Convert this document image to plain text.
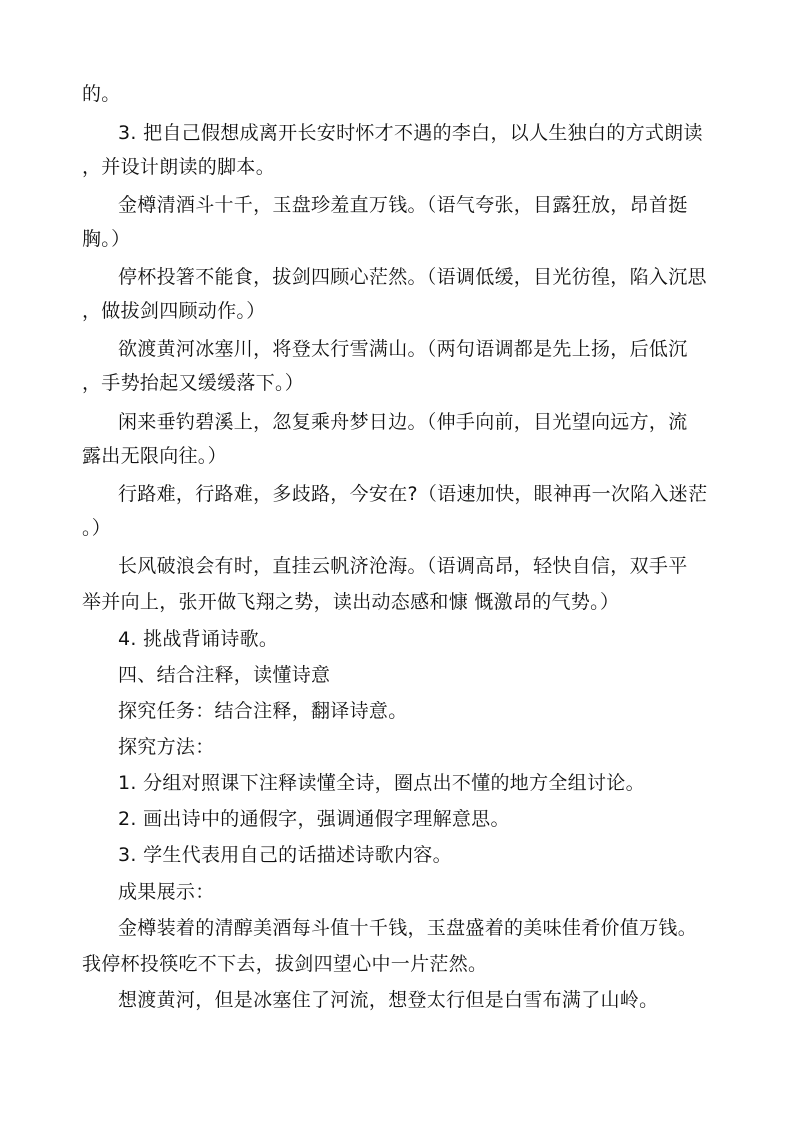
的。
3. 把自己假想成离开长安时怀才不遇的李白，以人生独白的方式朗读
，并设计朗读的脚本。
金樽清酒斗十千，玉盘珍羞直万钱。（语气夸张，目露狂放，昂首挺
胸。）
停杯投箸不能食，拔剑四顾心茫然。（语调低缓，目光彷徨，陷入沉思
，做拔剑四顾动作。）
欲渡黄河冰塞川，将登太行雪满山。（两句语调都是先上扬，后低沉
，手势抬起又缓缓落下。）
闲来垂钓碧溪上，忽复乘舟梦日边。（伸手向前，目光望向远方，流
露出无限向往。）
行路难，行路难，多歧路，今安在?（语速加快，眼神再一次陷入迷茫
。）
长风破浪会有时，直挂云帆济沧海。（语调高昂，轻快自信，双手平
举并向上，张开做飞翔之势，读出动态感和慷 慨激昂的气势。）
4. 挑战背诵诗歌。
四、结合注释，读懂诗意
探究任务：结合注释，翻译诗意。
探究方法：
1. 分组对照课下注释读懂全诗，圈点出不懂的地方全组讨论。
2. 画出诗中的通假字，强调通假字理解意思。
3. 学生代表用自己的话描述诗歌内容。
成果展示：
金樽装着的清醇美酒每斗值十千钱，玉盘盛着的美味佳肴价值万钱。
我停杯投筷吃不下去，拔剑四望心中一片茫然。
想渡黄河，但是冰塞住了河流，想登太行但是白雪布满了山岭。
